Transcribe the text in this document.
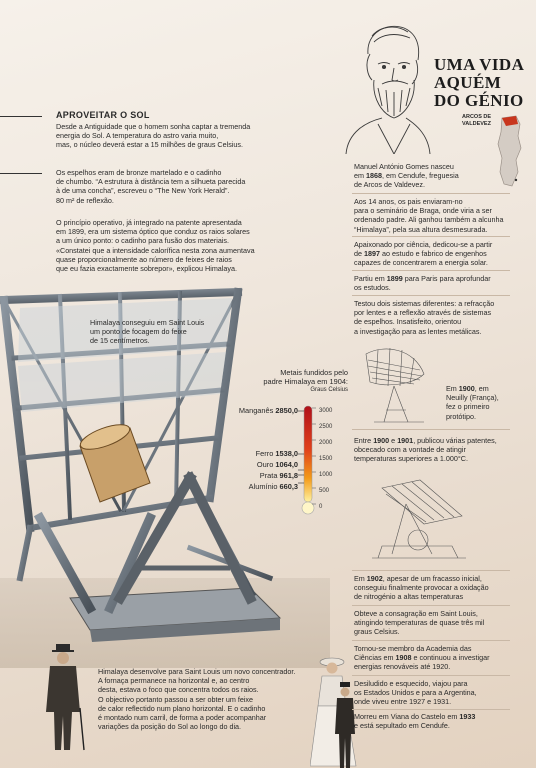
UMA VIDA
AQUÉM
DO GÉNIO
ARCOS DE
VALDEVEZ
APROVEITAR O SOL
Desde a Antiguidade que o homem sonha captar a tremenda
energia do Sol. A temperatura do astro varia muito,
mas, o núcleo deverá estar a 15 milhões de graus Celsius.
Os espelhos eram de bronze martelado e o cadinho
de chumbo. “A estrutura à distância tem a silhueta parecida
à de uma concha”, escreveu o “The New York Herald”.
80 m² de reflexão.
O princípio operativo, já integrado na patente apresentada
em 1899, era um sistema óptico que conduz os raios solares
a um único ponto: o cadinho para fusão dos materiais.
«Constatei que a intensidade calorífica nesta zona aumentava
quase proporcionalmente ao número de feixes de raios
que eu fazia exactamente sobrepor», explicou Himalaya.
Himalaya conseguiu em Saint Louis
um ponto de focagem do feixe
de 15 centímetros.
Metais fundidos pelo
padre Himalaya em 1904:
Graus Celsius
3000
2500
2000
1500
1000
500
0
Manganês 2850,0
Ferro 1538,0
Ouro 1064,0
Prata 961,8
Alumínio 660,3
Himalaya desenvolve para Saint Louis um novo concentrador.
A fornaça permanece na horizontal e, ao centro
desta, estava o foco que concentra todos os raios.
O objectivo portanto passou a ser obter um feixe
de calor reflectido num plano horizontal. E o cadinho
é montado num carril, de forma a poder acompanhar
variações da posição do Sol ao longo do dia.
Manuel António Gomes nasceu
em 1868, em Cendufe, freguesia
de Arcos de Valdevez.
Aos 14 anos, os pais enviaram-no
para o seminário de Braga, onde viria a ser
ordenado padre. Ali ganhou também a alcunha
“Himalaya”, pela sua altura desmesurada.
Apaixonado por ciência, dedicou-se a partir
de 1897 ao estudo e fabrico de engenhos
capazes de concentrarem a energia solar.
Partiu em 1899 para Paris para aprofundar
os estudos.
Testou dois sistemas diferentes: a refracção
por lentes e a reflexão através de sistemas
de espelhos. Insatisfeito, orientou
a investigação para as lentes metálicas.
Em 1900, em
Neuilly (França),
fez o primeiro
protótipo.
Entre 1900 e 1901, publicou várias patentes,
obcecado com a vontade de atingir
temperaturas superiores a 1.000°C.
Em 1902, apesar de um fracasso inicial,
conseguiu finalmente provocar a oxidação
de nitrogénio a altas temperaturas
Obteve a consagração em Saint Louis,
atingindo temperaturas de quase três mil
graus Celsius.
Tornou-se membro da Academia das
Ciências em 1908 e continuou a investigar
energias renováveis até 1920.
Desiludido e esquecido, viajou para
os Estados Unidos e para a Argentina,
onde viveu entre 1927 e 1931.
Morreu em Viana do Castelo em 1933
e está sepultado em Cendufe.
